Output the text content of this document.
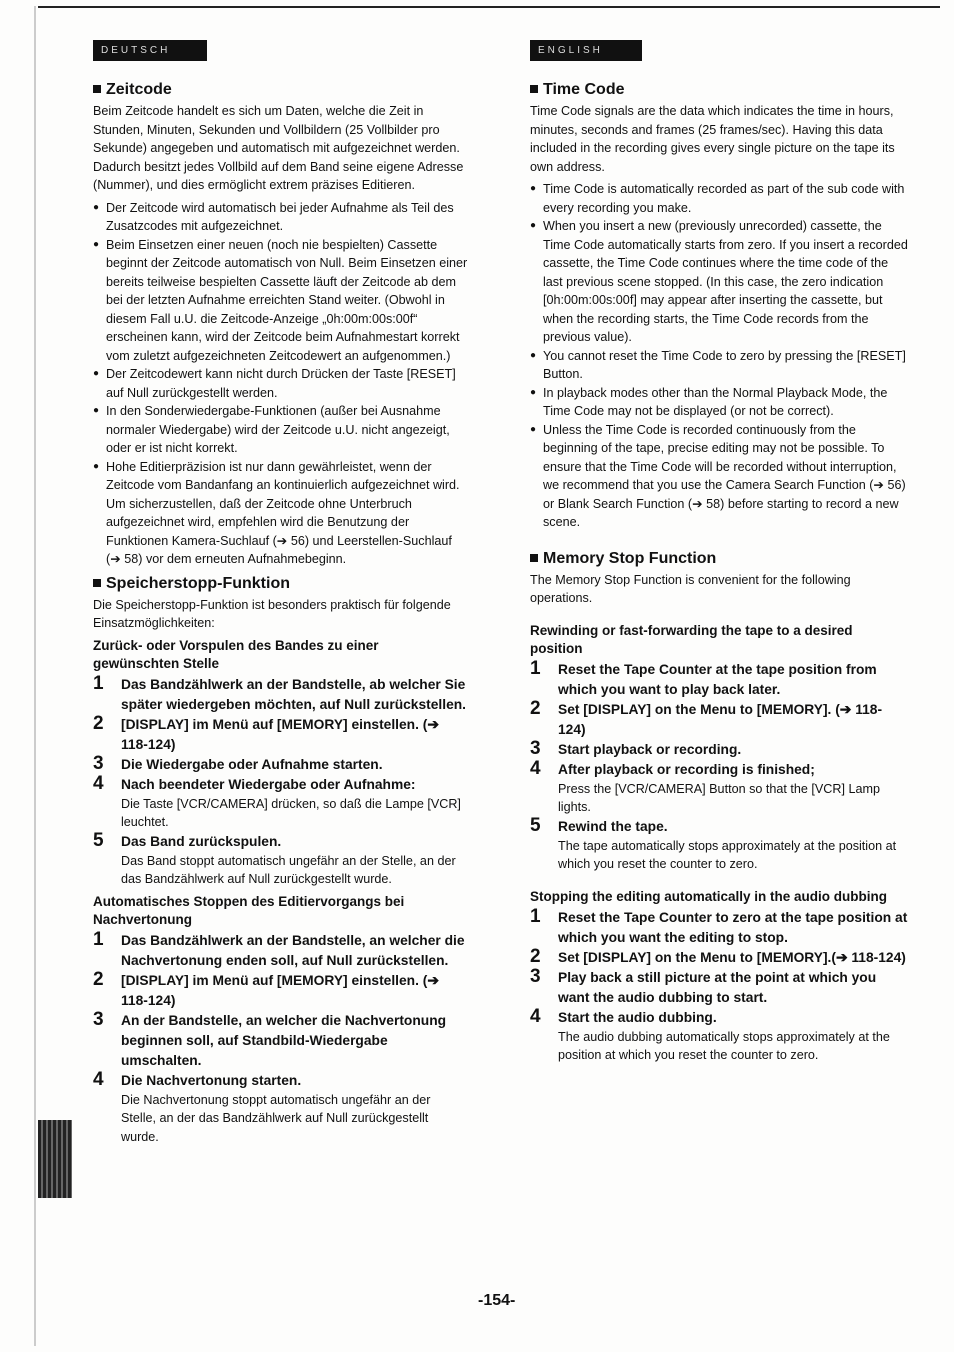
DEUTSCH
Zeitcode

Beim Zeitcode handelt es sich um Daten, welche die Zeit in Stunden, Minuten, Sekunden und Vollbildern (25 Vollbilder pro Sekunde) angegeben und automatisch mit aufgezeichnet werden. Dadurch besitzt jedes Vollbild auf dem Band seine eigene Adresse (Nummer), und dies ermöglicht extrem präzises Editieren.

● Der Zeitcode wird automatisch bei jeder Aufnahme als Teil des Zusatzcodes mit aufgezeichnet.
● Beim Einsetzen einer neuen (noch nie bespielten) Cassette beginnt der Zeitcode automatisch von Null. Beim Einsetzen einer bereits teilweise bespielten Cassette läuft der Zeitcode ab dem bei der letzten Aufnahme erreichten Stand weiter. (Obwohl in diesem Fall u.U. die Zeitcode-Anzeige „0h:00m:00s:00f“ erscheinen kann, wird der Zeitcode beim Aufnahmestart korrekt vom zuletzt aufgezeichneten Zeitcodewert an aufgenommen.)
● Der Zeitcodewert kann nicht durch Drücken der Taste [RESET] auf Null zurückgestellt werden.
● In den Sonderwiedergabe-Funktionen (außer bei Ausnahme normaler Wiedergabe) wird der Zeitcode u.U. nicht angezeigt, oder er ist nicht korrekt.
● Hohe Editierpräzision ist nur dann gewährleistet, wenn der Zeitcode vom Bandanfang an kontinuierlich aufgezeichnet wird. Um sicherzustellen, daß der Zeitcode ohne Unterbruch aufgezeichnet wird, empfehlen wird die Benutzung der Funktionen Kamera-Suchlauf (➔ 56) und Leerstellen-Suchlauf (➔ 58) vor dem erneuten Aufnahmebeginn.
Speicherstopp-Funktion

Die Speicherstopp-Funktion ist besonders praktisch für folgende Einsatzmöglichkeiten:

Zurück- oder Vorspulen des Bandes zu einer gewünschten Stelle
1 Das Bandzählwerk an der Bandstelle, ab welcher Sie später wiedergeben möchten, auf Null zurückstellen.
2 [DISPLAY] im Menü auf [MEMORY] einstellen. (➔ 118-124)
3 Die Wiedergabe oder Aufnahme starten.
4 Nach beendeter Wiedergabe oder Aufnahme:
Die Taste [VCR/CAMERA] drücken, so daß die Lampe [VCR] leuchtet.
5 Das Band zurückspulen.
Das Band stoppt automatisch ungefähr an der Stelle, an der das Bandzählwerk auf Null zurückgestellt wurde.
Automatisches Stoppen des Editiervorgangs bei Nachvertonung
1 Das Bandzählwerk an der Bandstelle, an welcher die Nachvertonung enden soll, auf Null zurückstellen.
2 [DISPLAY] im Menü auf [MEMORY] einstellen. (➔ 118-124)
3 An der Bandstelle, an welcher die Nachvertonung beginnen soll, auf Standbild-Wiedergabe umschalten.
4 Die Nachvertonung starten.
Die Nachvertonung stoppt automatisch ungefähr an der Stelle, an der das Bandzählwerk auf Null zurückgestellt wurde.
ENGLISH
Time Code

Time Code signals are the data which indicates the time in hours, minutes, seconds and frames (25 frames/sec). Having this data included in the recording gives every single picture on the tape its own address.

● Time Code is automatically recorded as part of the sub code with every recording you make.
● When you insert a new (previously unrecorded) cassette, the Time Code automatically starts from zero. If you insert a recorded cassette, the Time Code continues where the time code of the last previous scene stopped. (In this case, the zero indication [0h:00m:00s:00f] may appear after inserting the cassette, but when the recording starts, the Time Code records from the previous value).
● You cannot reset the Time Code to zero by pressing the [RESET] Button.
● In playback modes other than the Normal Playback Mode, the Time Code may not be displayed (or not be correct).
● Unless the Time Code is recorded continuously from the beginning of the tape, precise editing may not be possible. To ensure that the Time Code will be recorded without interruption, we recommend that you use the Camera Search Function (➔ 56) or Blank Search Function (➔ 58) before starting to record a new scene.
Memory Stop Function

The Memory Stop Function is convenient for the following operations.

Rewinding or fast-forwarding the tape to a desired position
1 Reset the Tape Counter at the tape position from which you want to play back later.
2 Set [DISPLAY] on the Menu to [MEMORY]. (➔ 118-124)
3 Start playback or recording.
4 After playback or recording is finished;
Press the [VCR/CAMERA] Button so that the [VCR] Lamp lights.
5 Rewind the tape.
The tape automatically stops approximately at the position at which you reset the counter to zero.
Stopping the editing automatically in the audio dubbing
1 Reset the Tape Counter to zero at the tape position at which you want the editing to stop.
2 Set [DISPLAY] on the Menu to [MEMORY].(➔ 118-124)
3 Play back a still picture at the point at which you want the audio dubbing to start.
4 Start the audio dubbing.
The audio dubbing automatically stops approximately at the position at which you reset the counter to zero.
-154-
